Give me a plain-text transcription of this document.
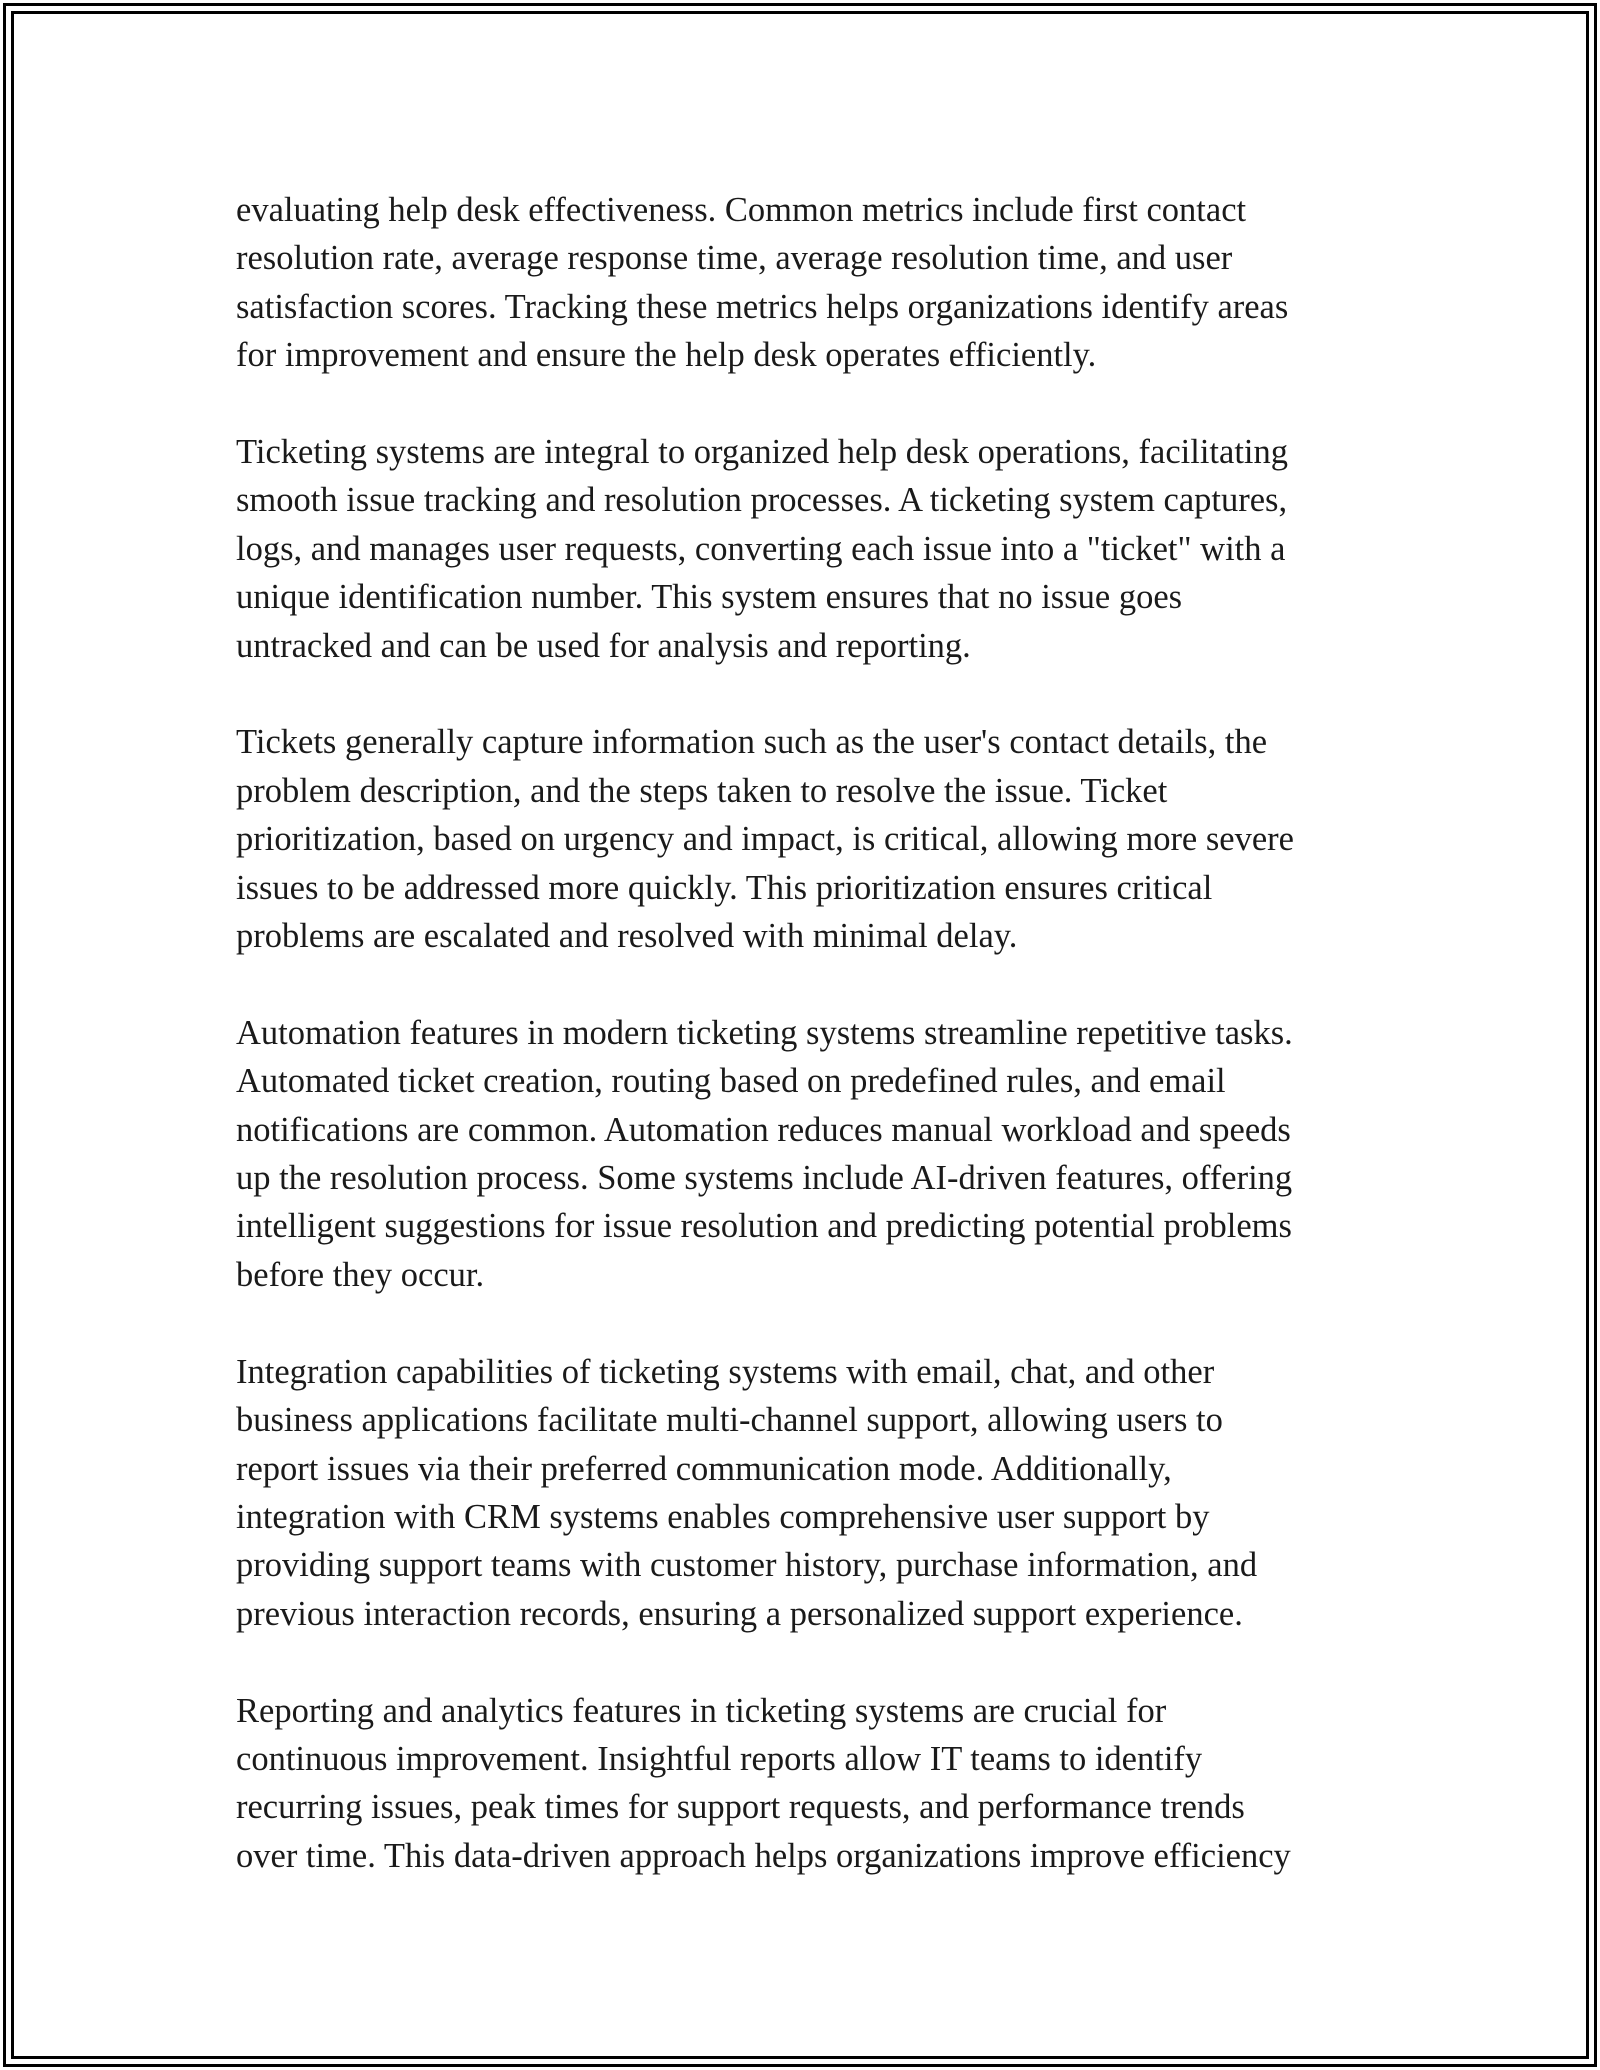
evaluating help desk effectiveness. Common metrics include first contact
resolution rate, average response time, average resolution time, and user
satisfaction scores. Tracking these metrics helps organizations identify areas
for improvement and ensure the help desk operates efficiently.

Ticketing systems are integral to organized help desk operations, facilitating
smooth issue tracking and resolution processes. A ticketing system captures,
logs, and manages user requests, converting each issue into a "ticket" with a
unique identification number. This system ensures that no issue goes
untracked and can be used for analysis and reporting.

Tickets generally capture information such as the user's contact details, the
problem description, and the steps taken to resolve the issue. Ticket
prioritization, based on urgency and impact, is critical, allowing more severe
issues to be addressed more quickly. This prioritization ensures critical
problems are escalated and resolved with minimal delay.

Automation features in modern ticketing systems streamline repetitive tasks.
Automated ticket creation, routing based on predefined rules, and email
notifications are common. Automation reduces manual workload and speeds
up the resolution process. Some systems include AI-driven features, offering
intelligent suggestions for issue resolution and predicting potential problems
before they occur.

Integration capabilities of ticketing systems with email, chat, and other
business applications facilitate multi-channel support, allowing users to
report issues via their preferred communication mode. Additionally,
integration with CRM systems enables comprehensive user support by
providing support teams with customer history, purchase information, and
previous interaction records, ensuring a personalized support experience.

Reporting and analytics features in ticketing systems are crucial for
continuous improvement. Insightful reports allow IT teams to identify
recurring issues, peak times for support requests, and performance trends
over time. This data-driven approach helps organizations improve efficiency
